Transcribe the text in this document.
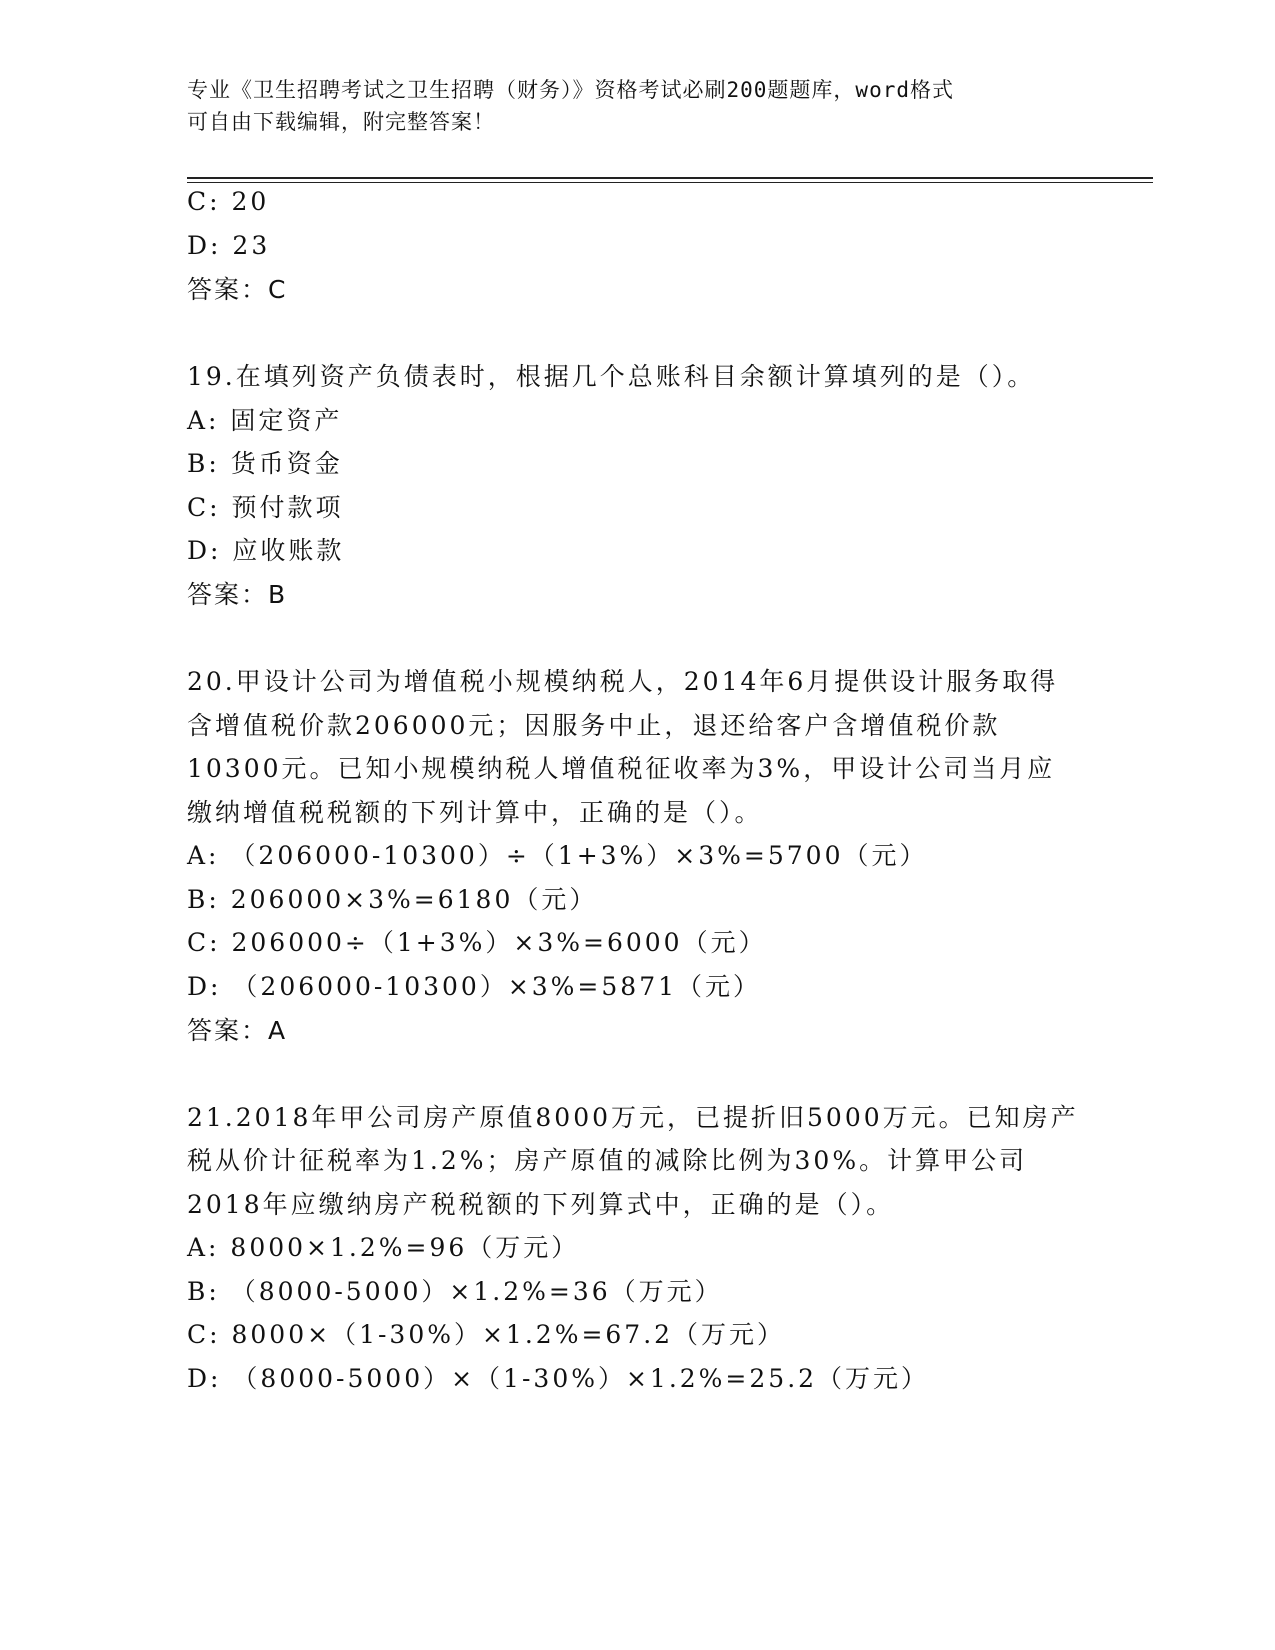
专业《卫生招聘考试之卫生招聘（财务）》资格考试必刷200题题库，word格式
可自由下载编辑，附完整答案！
C: 20
D: 23
答案：C
19.在填列资产负债表时，根据几个总账科目余额计算填列的是（）。
A: 固定资产
B: 货币资金
C: 预付款项
D: 应收账款
答案：B
20.甲设计公司为增值税小规模纳税人，2014年6月提供设计服务取得
含增值税价款206000元；因服务中止，退还给客户含增值税价款
10300元。已知小规模纳税人增值税征收率为3%，甲设计公司当月应
缴纳增值税税额的下列计算中，正确的是（）。
A: （206000-10300）÷（1+3%）×3%=5700（元）
B: 206000×3%=6180（元）
C: 206000÷（1+3%）×3%=6000（元）
D: （206000-10300）×3%=5871（元）
答案：A
21.2018年甲公司房产原值8000万元，已提折旧5000万元。已知房产
税从价计征税率为1.2%；房产原值的减除比例为30%。计算甲公司
2018年应缴纳房产税税额的下列算式中，正确的是（）。
A: 8000×1.2%=96（万元）
B: （8000-5000）×1.2%=36（万元）
C: 8000×（1-30%）×1.2%=67.2（万元）
D: （8000-5000）×（1-30%）×1.2%=25.2（万元）
